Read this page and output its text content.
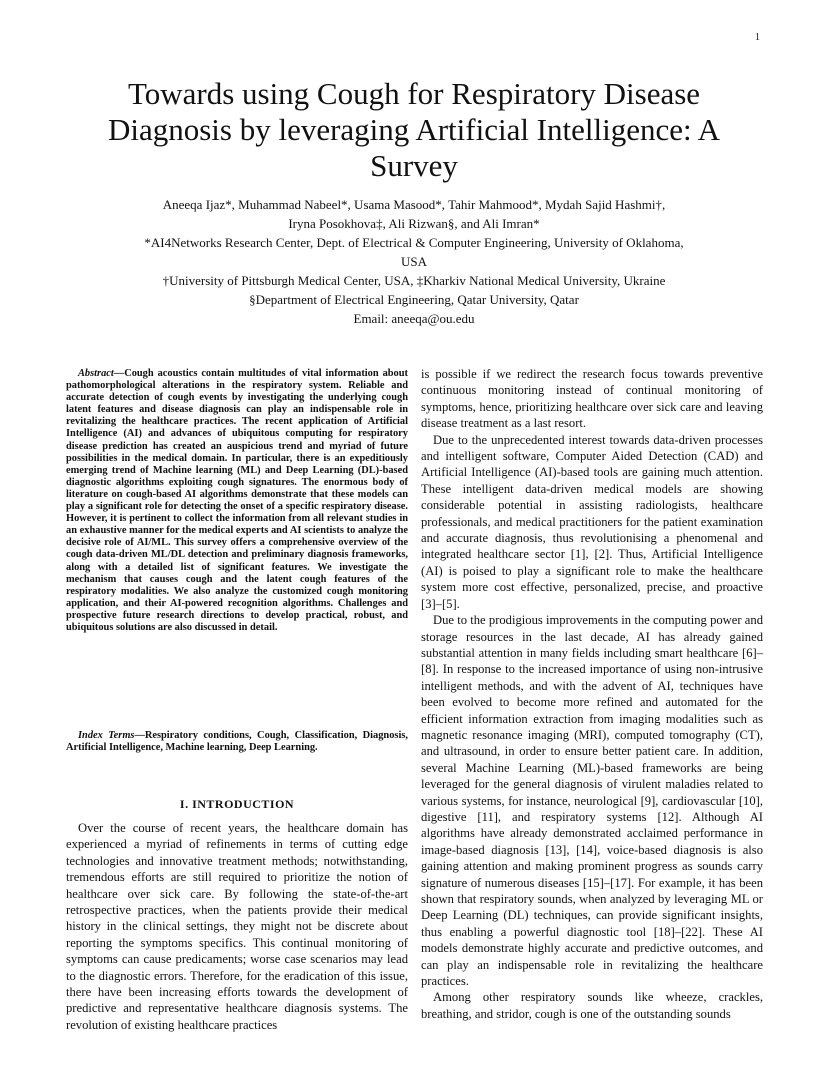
1
Towards using Cough for Respiratory Disease Diagnosis by leveraging Artificial Intelligence: A Survey
Aneeqa Ijaz*, Muhammad Nabeel*, Usama Masood*, Tahir Mahmood*, Mydah Sajid Hashmi†,
Iryna Posokhova‡, Ali Rizwan§, and Ali Imran*
*AI4Networks Research Center, Dept. of Electrical & Computer Engineering, University of Oklahoma,
USA
†University of Pittsburgh Medical Center, USA, ‡Kharkiv National Medical University, Ukraine
§Department of Electrical Engineering, Qatar University, Qatar
Email: aneeqa@ou.edu

Abstract—Cough acoustics contain multitudes of vital information about pathomorphological alterations in the respiratory system. Reliable and accurate detection of cough events by investigating the underlying cough latent features and disease diagnosis can play an indispensable role in revitalizing the healthcare practices. The recent application of Artificial Intelligence (AI) and advances of ubiquitous computing for respiratory disease prediction has created an auspicious trend and myriad of future possibilities in the medical domain. In particular, there is an expeditiously emerging trend of Machine learning (ML) and Deep Learning (DL)-based diagnostic algorithms exploiting cough signatures. The enormous body of literature on cough-based AI algorithms demonstrate that these models can play a significant role for detecting the onset of a specific respiratory disease. However, it is pertinent to collect the information from all relevant studies in an exhaustive manner for the medical experts and AI scientists to analyze the decisive role of AI/ML. This survey offers a comprehensive overview of the cough data-driven ML/DL detection and preliminary diagnosis frameworks, along with a detailed list of significant features. We investigate the mechanism that causes cough and the latent cough features of the respiratory modalities. We also analyze the customized cough monitoring application, and their AI-powered recognition algorithms. Challenges and prospective future research directions to develop practical, robust, and ubiquitous solutions are also discussed in detail.

Index Terms—Respiratory conditions, Cough, Classification, Diagnosis, Artificial Intelligence, Machine learning, Deep Learning.

I. INTRODUCTION

Over the course of recent years, the healthcare domain has experienced a myriad of refinements in terms of cutting edge technologies and innovative treatment methods; notwithstanding, tremendous efforts are still required to prioritize the notion of healthcare over sick care. By following the state-of-the-art retrospective practices, when the patients provide their medical history in the clinical settings, they might not be discrete about reporting the symptoms specifics. This continual monitoring of symptoms can cause predicaments; worse case scenarios may lead to the diagnostic errors. Therefore, for the eradication of this issue, there have been increasing efforts towards the development of predictive and representative healthcare diagnosis systems. The revolution of existing healthcare practices

is possible if we redirect the research focus towards preventive continuous monitoring instead of continual monitoring of symptoms, hence, prioritizing healthcare over sick care and leaving disease treatment as a last resort.

Due to the unprecedented interest towards data-driven processes and intelligent software, Computer Aided Detection (CAD) and Artificial Intelligence (AI)-based tools are gaining much attention. These intelligent data-driven medical models are showing considerable potential in assisting radiologists, healthcare professionals, and medical practitioners for the patient examination and accurate diagnosis, thus revolutionising a phenomenal and integrated healthcare sector [1], [2]. Thus, Artificial Intelligence (AI) is poised to play a significant role to make the healthcare system more cost effective, personalized, precise, and proactive [3]–[5].

Due to the prodigious improvements in the computing power and storage resources in the last decade, AI has already gained substantial attention in many fields including smart healthcare [6]–[8]. In response to the increased importance of using non-intrusive intelligent methods, and with the advent of AI, techniques have been evolved to become more refined and automated for the efficient information extraction from imaging modalities such as magnetic resonance imaging (MRI), computed tomography (CT), and ultrasound, in order to ensure better patient care. In addition, several Machine Learning (ML)-based frameworks are being leveraged for the general diagnosis of virulent maladies related to various systems, for instance, neurological [9], cardiovascular [10], digestive [11], and respiratory systems [12]. Although AI algorithms have already demonstrated acclaimed performance in image-based diagnosis [13], [14], voice-based diagnosis is also gaining attention and making prominent progress as sounds carry signature of numerous diseases [15]–[17]. For example, it has been shown that respiratory sounds, when analyzed by leveraging ML or Deep Learning (DL) techniques, can provide significant insights, thus enabling a powerful diagnostic tool [18]–[22]. These AI models demonstrate highly accurate and predictive outcomes, and can play an indispensable role in revitalizing the healthcare practices.

Among other respiratory sounds like wheeze, crackles, breathing, and stridor, cough is one of the outstanding sounds
